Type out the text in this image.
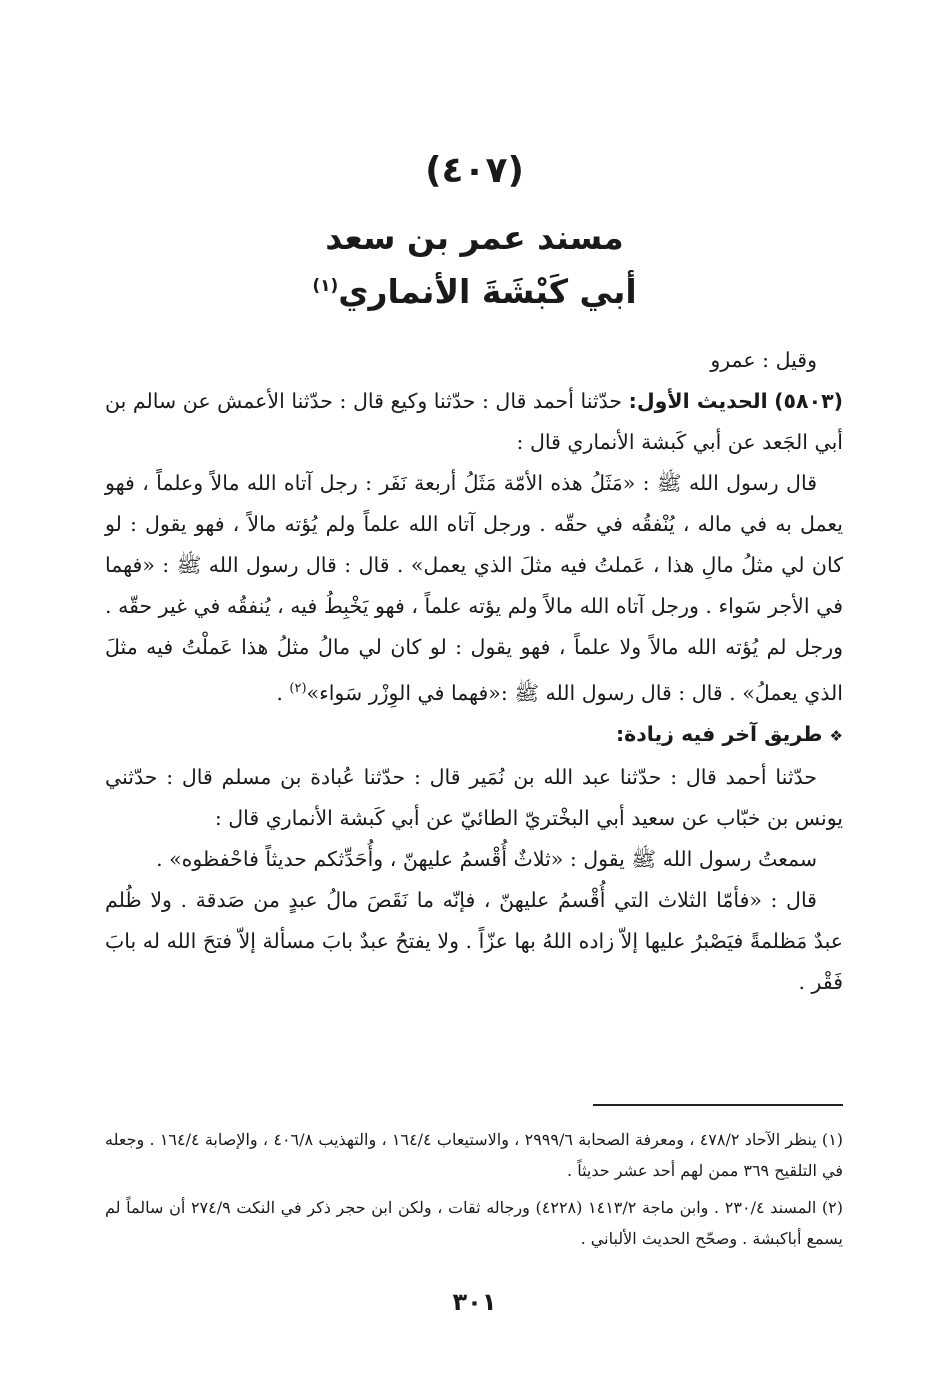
(٤٠٧)
مسند عمر بن سعد
أبي كَبْشَةَ الأنماري$^{(١)}$

وقيل : عمرو

(٥٨٠٣) الحديث الأول: حدّثنا أحمد قال : حدّثنا وكيع قال : حدّثنا الأعمش عن سالم بن أبي الجَعد عن أبي كَبشة الأنماري قال :

قال رسول الله ﷺ : «مَثَلُ هذه الأمّة مَثَلُ أربعة نَفَر : رجل آتاه الله مالاً وعلماً ، فهو يعمل به في ماله ، يُنْفقُه في حقّه . ورجل آتاه الله علماً ولم يُؤته مالاً ، فهو يقول : لو كان لي مثلُ مالِ هذا ، عَملتُ فيه مثلَ الذي يعمل» . قال : قال رسول الله ﷺ : «فهما في الأجر سَواء . ورجل آتاه الله مالاً ولم يؤته علماً ، فهو يَخْبِطُ فيه ، يُنفقُه في غير حقّه . ورجل لم يُؤته الله مالاً ولا علماً ، فهو يقول : لو كان لي مالُ مثلُ هذا عَملْتُ فيه مثلَ الذي يعملُ» . قال : قال رسول الله ﷺ :«فهما في الوِزْر سَواء»$^{(٢)}$ .

❖ طريق آخر فيه زيادة:

حدّثنا أحمد قال : حدّثنا عبد الله بن نُمَير قال : حدّثنا عُبادة بن مسلم قال : حدّثني يونس بن خبّاب عن سعيد أبي البخْتريّ الطائيّ عن أبي كَبشة الأنماري قال :

سمعتُ رسول الله ﷺ يقول : «ثلاثٌ أُقْسمُ عليهنّ ، وأُحَدِّثكم حديثاً فاحْفظوه» .

قال : «فأمّا الثلاث التي أُقْسمُ عليهنّ ، فإنّه ما نَقَصَ مالُ عبدٍ من صَدقة . ولا ظُلم عبدٌ مَظلمةً فيَصْبرُ عليها إلاّ زاده اللهُ بها عزّاً . ولا يفتحُ عبدٌ بابَ مسألة إلاّ فتحَ الله له بابَ فَقْر .

(١) ينظر الآحاد ٤٧٨/٢ ، ومعرفة الصحابة ٢٩٩٩/٦ ، والاستيعاب ١٦٤/٤ ، والتهذيب ٤٠٦/٨ ، والإصابة ١٦٤/٤ . وجعله في التلقيح ٣٦٩ ممن لهم أحد عشر حديثاً .

(٢) المسند ٢٣٠/٤ . وابن ماجة ١٤١٣/٢ (٤٢٢٨) ورجاله ثقات ، ولكن ابن حجر ذكر في النكت ٢٧٤/٩ أن سالماً لم يسمع أباكبشة . وصحّح الحديث الألباني .

٣٠١
